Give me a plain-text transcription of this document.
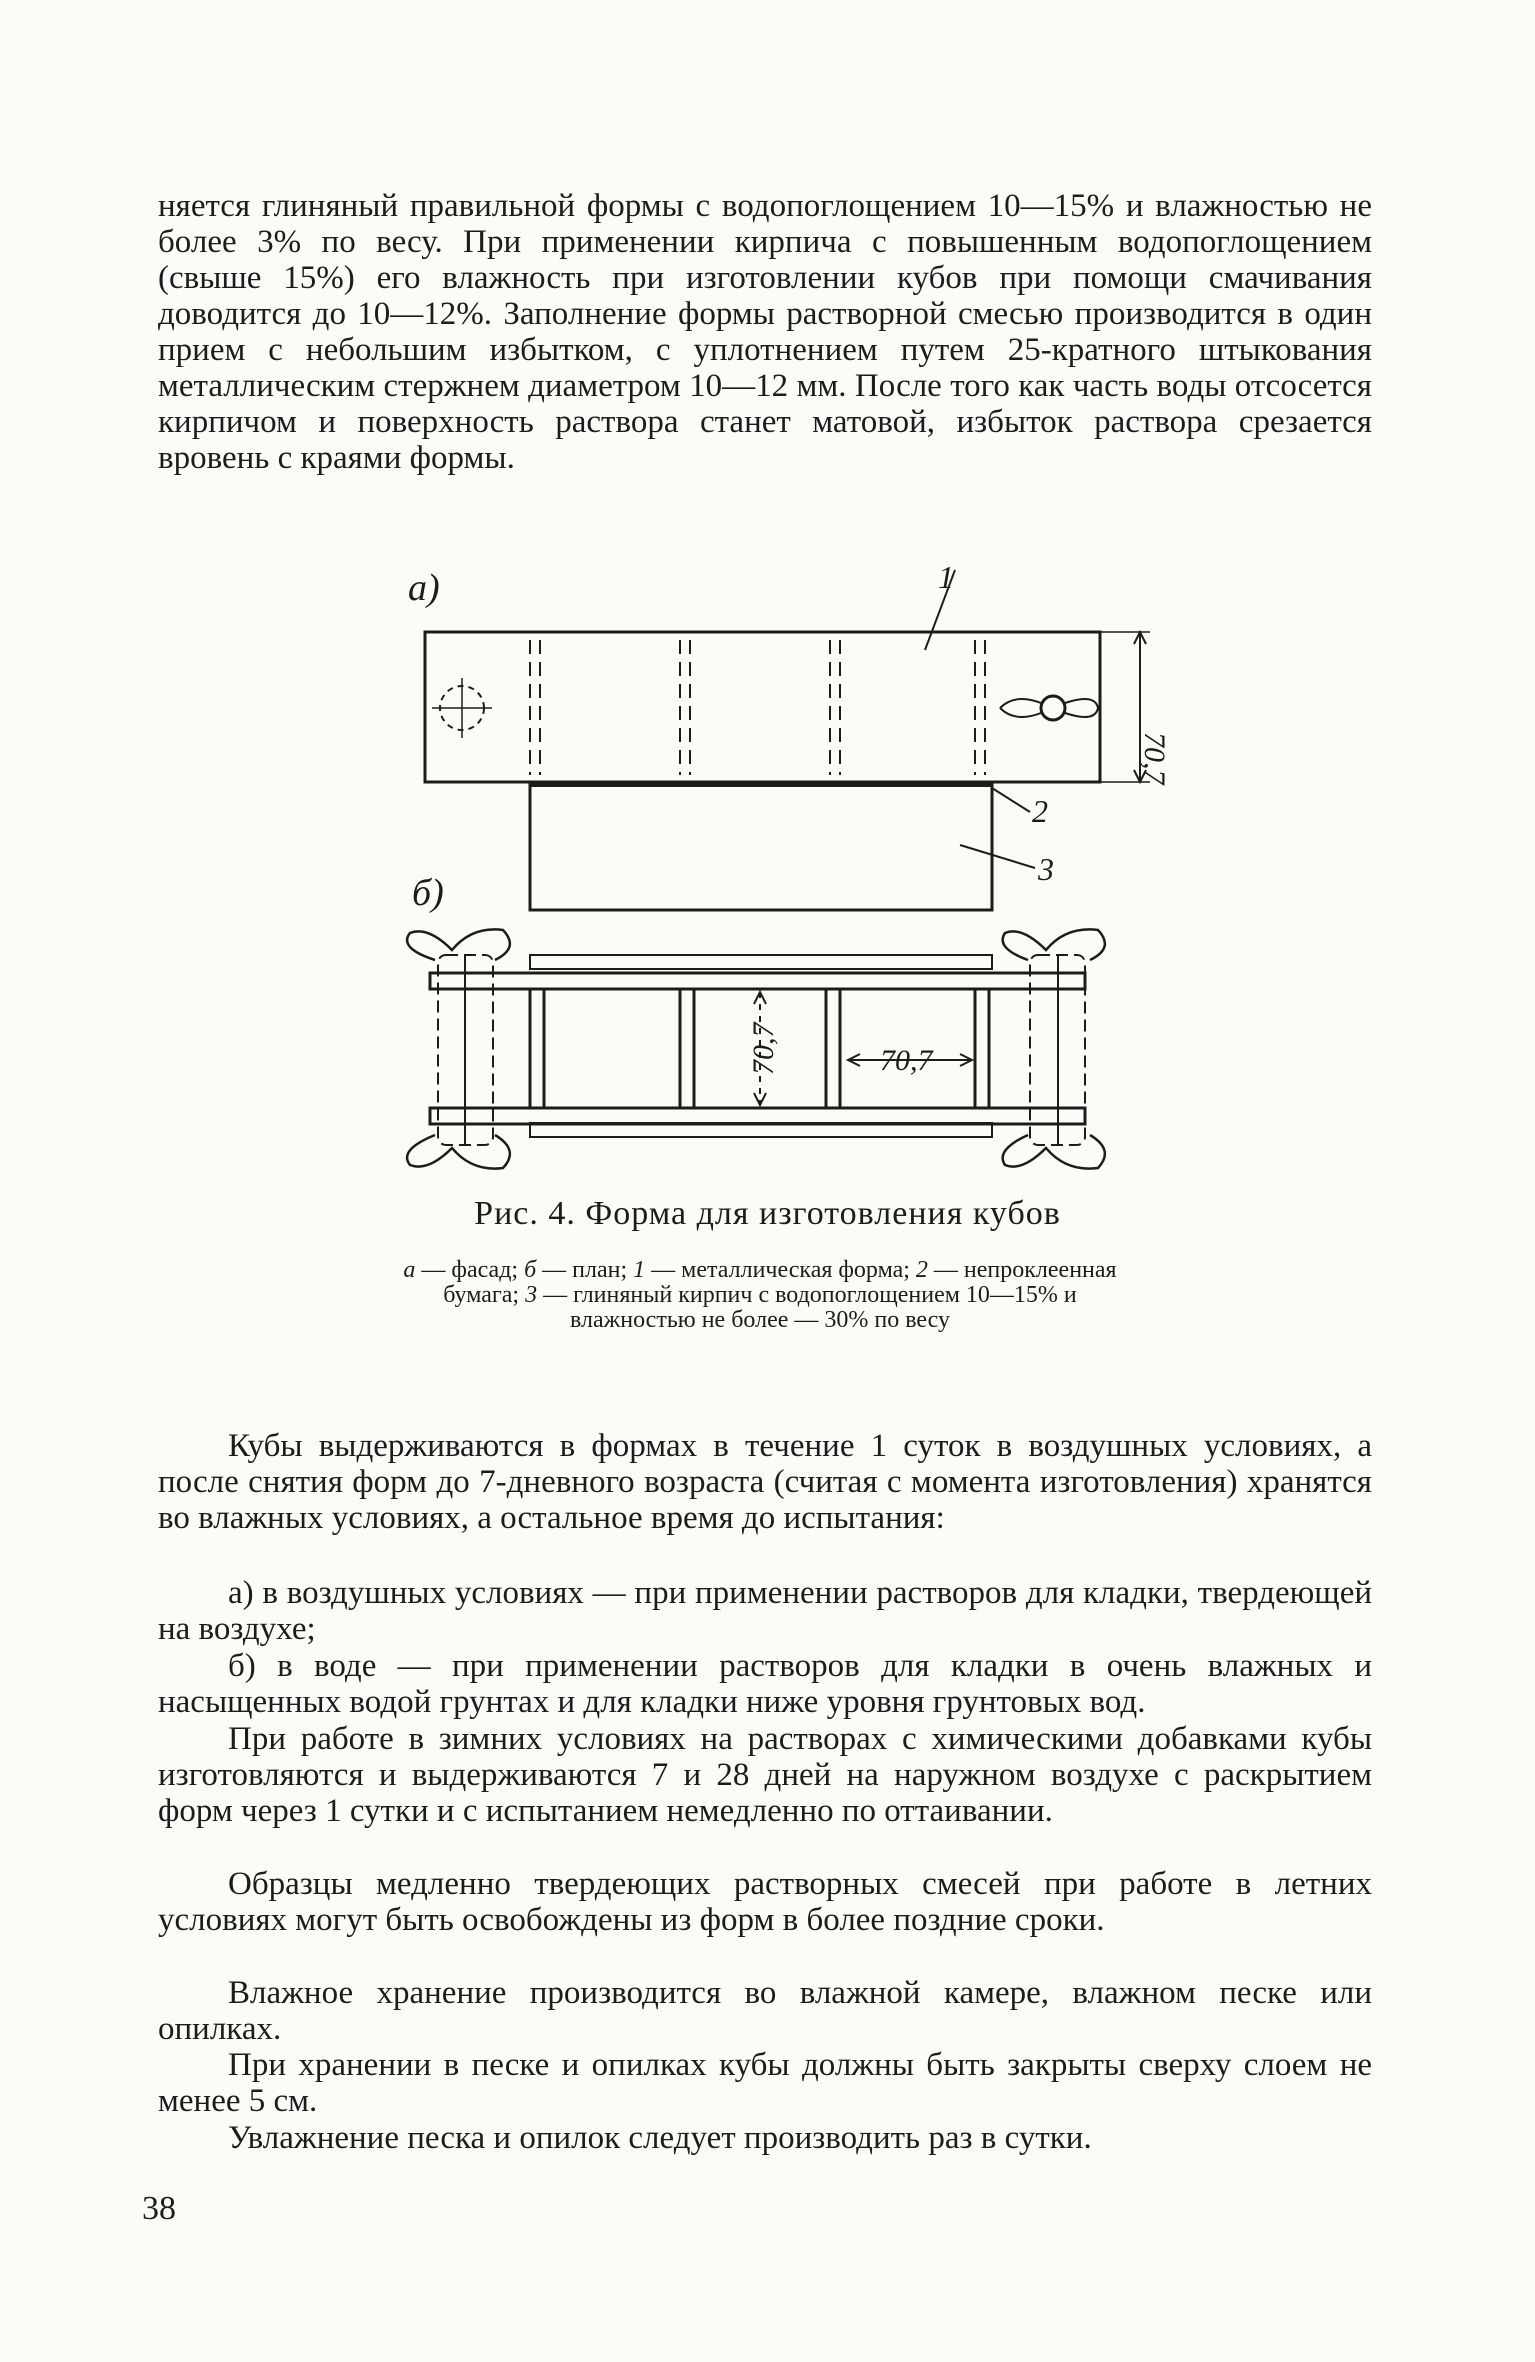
няется глиняный правильной формы с водопоглощением 10—15% и влажностью не более 3% по весу. При применении кирпича с повышенным водопоглощением (свыше 15%) его влажность при изготовлении кубов при помощи смачивания доводится до 10—12%. Заполнение формы растворной смесью производится в один прием с небольшим избытком, с уплотнением путем 25-кратного штыкования металлическим стержнем диаметром 10—12 мм. После того как часть воды отсосется кирпичом и поверхность раствора станет матовой, избыток раствора срезается вровень с краями формы.

а)	1
2
3
70,7
б)
70,7	70,7
Рис. 4. Форма для изготовления кубов

а — фасад; б — план; 1 — металлическая форма; 2 — непроклеенная бумага; 3 — глиняный кирпич с водопоглощением 10—15% и влажностью не более — 30% по весу

Кубы выдерживаются в формах в течение 1 суток в воздушных условиях, а после снятия форм до 7-дневного возраста (считая с момента изготовления) хранятся во влажных условиях, а остальное время до испытания:

а) в воздушных условиях — при применении растворов для кладки, твердеющей на воздухе;

б) в воде — при применении растворов для кладки в очень влажных и насыщенных водой грунтах и для кладки ниже уровня грунтовых вод.

При работе в зимних условиях на растворах с химическими добавками кубы изготовляются и выдерживаются 7 и 28 дней на наружном воздухе с раскрытием форм через 1 сутки и с испытанием немедленно по оттаивании.

Образцы медленно твердеющих растворных смесей при работе в летних условиях могут быть освобождены из форм в более поздние сроки.

Влажное хранение производится во влажной камере, влажном песке или опилках.

При хранении в песке и опилках кубы должны быть закрыты сверху слоем не менее 5 см.

Увлажнение песка и опилок следует производить раз в сутки.

38
